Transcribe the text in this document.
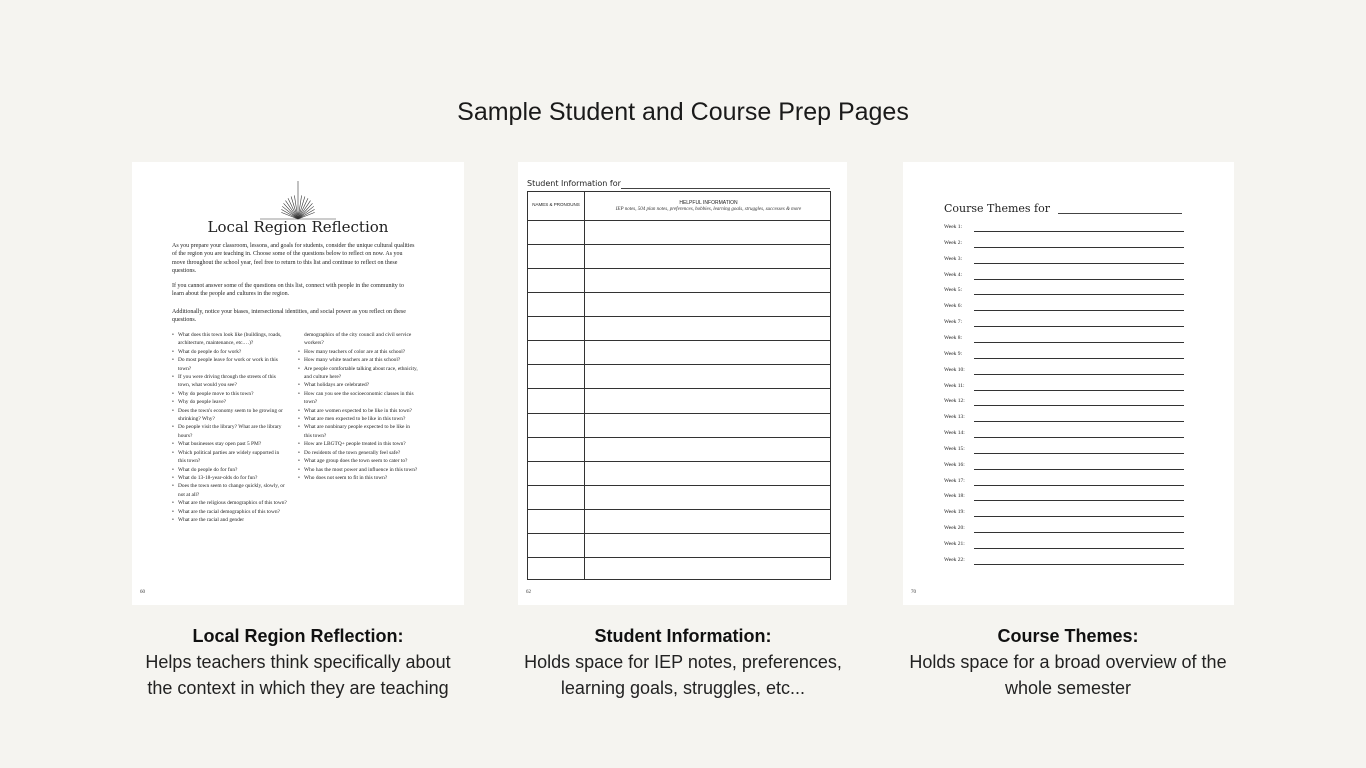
Sample Student and Course Prep Pages
Local Region Reflection
As you prepare your classroom, lessons, and goals for students, consider the unique cultural qualities of the region you are teaching in. Choose some of the questions below to reflect on now. As you move throughout the school year, feel free to return to this list and continue to reflect on these questions.
If you cannot answer some of the questions on this list, connect with people in the community to learn about the people and cultures in the region.
Additionally, notice your biases, intersectional identities, and social power as you reflect on these questions.
• What does this town look like (buildings, roads, architecture, maintenance, etc.…)?
• What do people do for work?
• Do most people leave for work or work in this town?
• If you were driving through the streets of this town, what would you see?
• Why do people move to this town?
• Why do people leave?
• Does the town's economy seem to be growing or shrinking? Why?
• Do people visit the library? What are the library hours?
• What businesses stay open past 5 PM?
• Which political parties are widely supported in this town?
• What do people do for fun?
• What do 13-18-year-olds do for fun?
• Does the town seem to change quickly, slowly, or not at all?
• What are the religious demographics of this town?
• What are the racial demographics of this town?
• What are the racial and gender
demographics of the city council and civil service workers?
• How many teachers of color are at this school?
• How many white teachers are at this school?
• Are people comfortable talking about race, ethnicity, and culture here?
• What holidays are celebrated?
• How can you see the socioeconomic classes in this town?
• What are women expected to be like in this town?
• What are men expected to be like in this town?
• What are nonbinary people expected to be like in this town?
• How are LBGTQ+ people treated in this town?
• Do residents of the town generally feel safe?
• What age group does the town seem to cater to?
• Who has the most power and influence in this town?
• Who does not seem to fit in this town?
60
Student Information for
NAMES & PRONOUNS	HELPFUL INFORMATION
IEP notes, 504 plan notes, preferences, hobbies, learning goals, struggles, successes & more
62
Course Themes for
70
Week 1:
Week 2:
Week 3:
Week 4:
Week 5:
Week 6:
Week 7:
Week 8:
Week 9:
Week 10:
Week 11:
Week 12:
Week 13:
Week 14:
Week 15:
Week 16:
Week 17:
Week 18:
Week 19:
Week 20:
Week 21:
Week 22:
Local Region Reflection:
Helps teachers think specifically about
the context in which they are teaching
Student Information:
Holds space for IEP notes, preferences,
learning goals, struggles, etc...
Course Themes:
Holds space for a broad overview of the
whole semester
